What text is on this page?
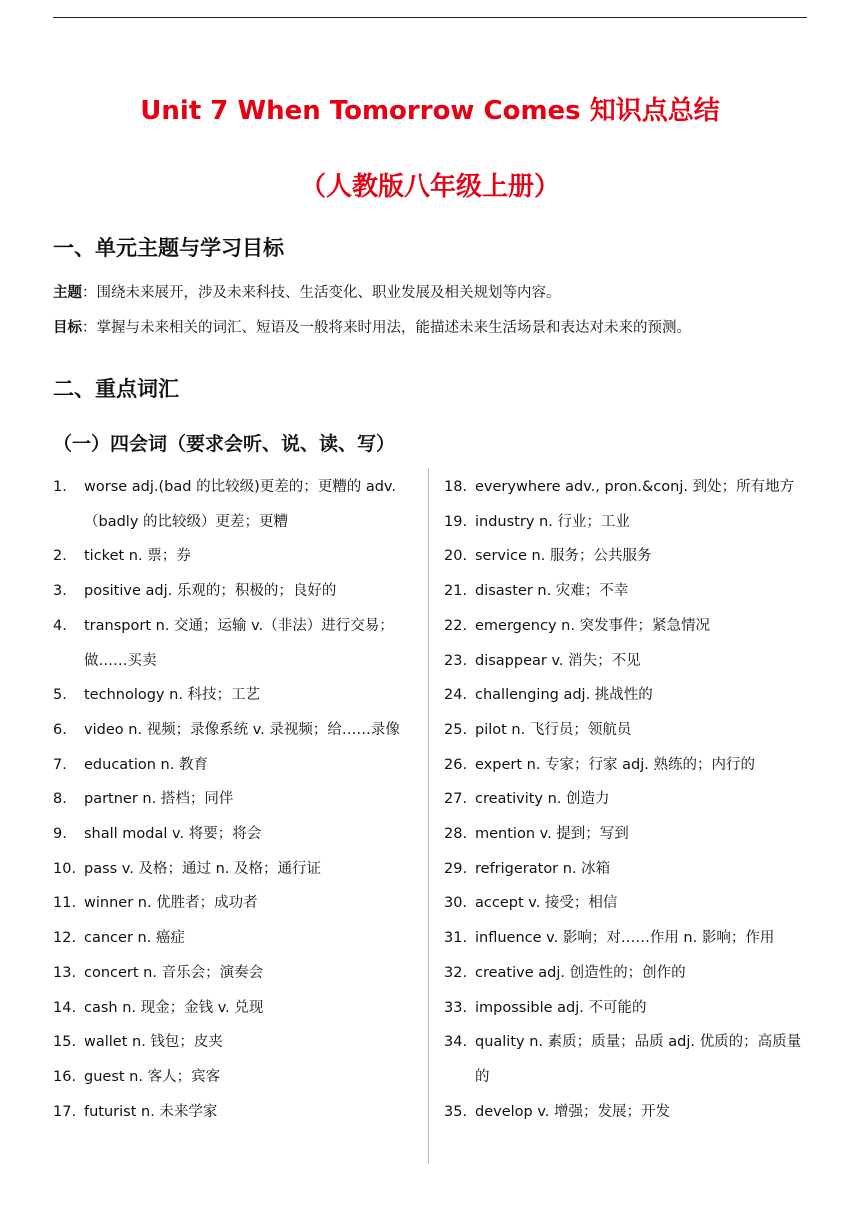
Unit 7 When Tomorrow Comes 知识点总结
（人教版八年级上册）
一、单元主题与学习目标
主题：围绕未来展开，涉及未来科技、生活变化、职业发展及相关规划等内容。
目标：掌握与未来相关的词汇、短语及一般将来时用法，能描述未来生活场景和表达对未来的预测。
二、重点词汇
（一）四会词（要求会听、说、读、写）
1.	worse adj.(bad 的比较级)更差的；更糟的 adv.（badly 的比较级）更差；更糟
2.	ticket n. 票；券
3.	positive adj. 乐观的；积极的；良好的
4.	transport n. 交通；运输 v.（非法）进行交易；做……买卖
5.	technology n. 科技；工艺
6.	video n. 视频；录像系统 v. 录视频；给……录像
7.	education n. 教育
8.	partner n. 搭档；同伴
9.	shall modal v. 将要；将会
10. pass v. 及格；通过 n. 及格；通行证
11. winner n. 优胜者；成功者
12. cancer n. 癌症
13. concert n. 音乐会；演奏会
14. cash n. 现金；金钱 v. 兑现
15. wallet n. 钱包；皮夹
16. guest n. 客人；宾客
17. futurist n. 未来学家
18. everywhere adv., pron.&conj. 到处；所有地方
19. industry n. 行业；工业
20. service n. 服务；公共服务
21. disaster n. 灾难；不幸
22. emergency n. 突发事件；紧急情况
23. disappear v. 消失；不见
24. challenging adj. 挑战性的
25. pilot n. 飞行员；领航员
26. expert n. 专家；行家 adj. 熟练的；内行的
27. creativity n. 创造力
28. mention v. 提到；写到
29. refrigerator n. 冰箱
30. accept v. 接受；相信
31. influence v. 影响；对……作用 n. 影响；作用
32. creative adj. 创造性的；创作的
33. impossible adj. 不可能的
34. quality n. 素质；质量；品质 adj. 优质的；高质量的
35. develop v. 增强；发展；开发
